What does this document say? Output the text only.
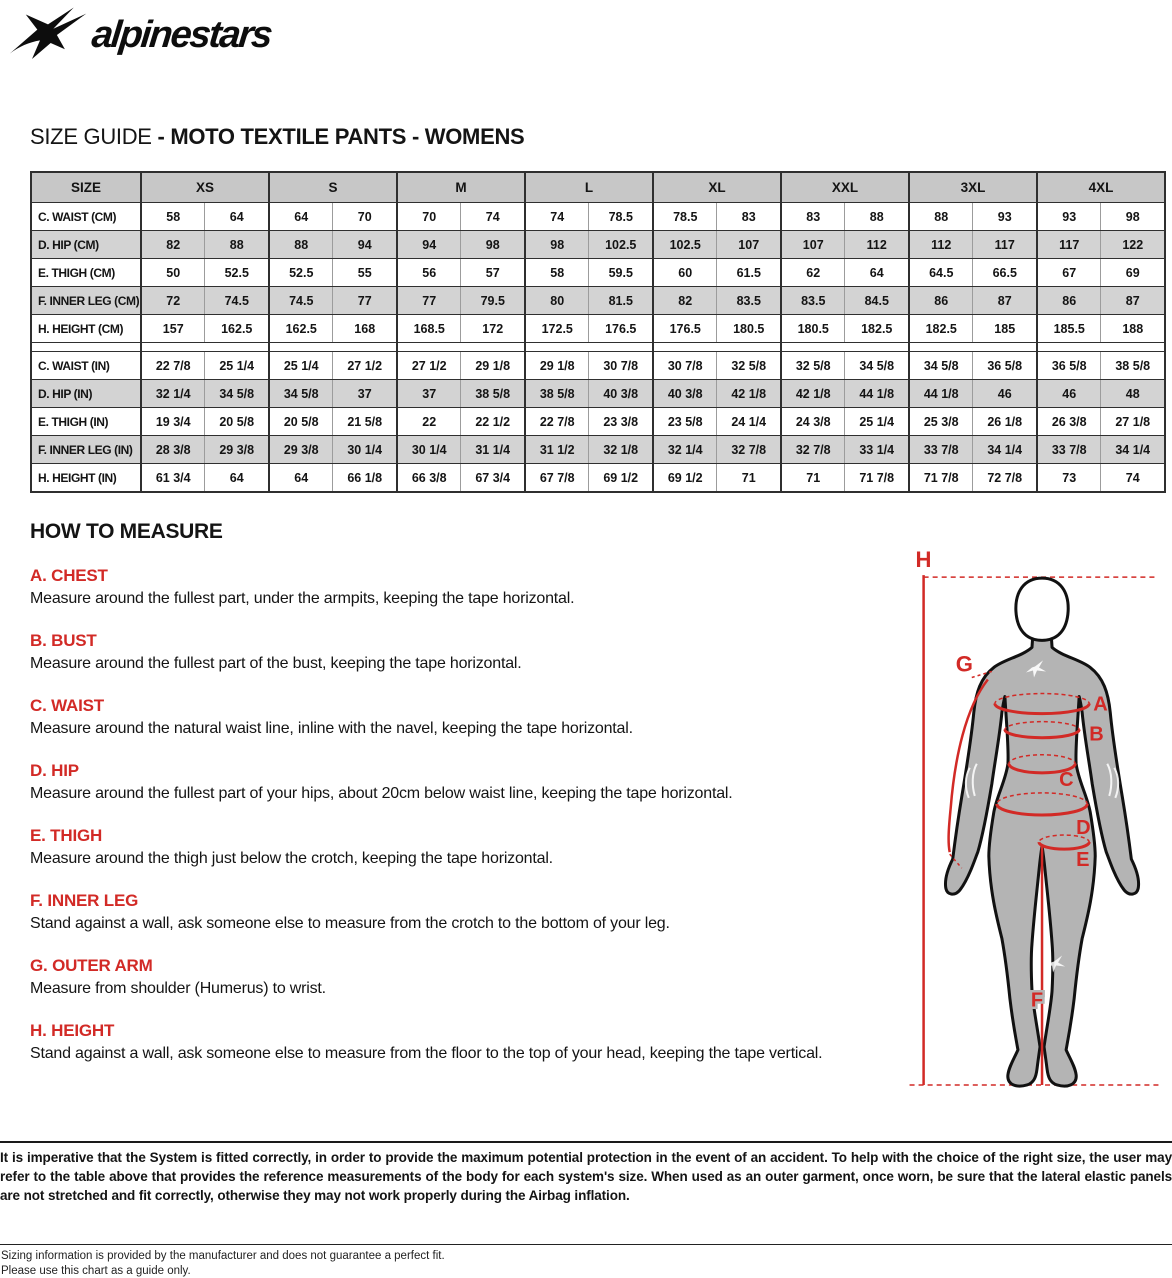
alpinestars
SIZE GUIDE - MOTO TEXTILE PANTS - WOMENS
SIZE	XS		S		M		L		XL		XXL		3XL		4XL	
C. WAIST (CM)	58	64	64	70	70	74	74	78.5	78.5	83	83	88	88	93	93	98
D. HIP (CM)	82	88	88	94	94	98	98	102.5	102.5	107	107	112	112	117	117	122
E. THIGH (CM)	50	52.5	52.5	55	56	57	58	59.5	60	61.5	62	64	64.5	66.5	67	69
F. INNER LEG (CM)	72	74.5	74.5	77	77	79.5	80	81.5	82	83.5	83.5	84.5	86	87	86	87
H. HEIGHT (CM)	157	162.5	162.5	168	168.5	172	172.5	176.5	176.5	180.5	180.5	182.5	182.5	185	185.5	188

C. WAIST (IN)	22 7/8	25 1/4	25 1/4	27 1/2	27 1/2	29 1/8	29 1/8	30 7/8	30 7/8	32 5/8	32 5/8	34 5/8	34 5/8	36 5/8	36 5/8	38 5/8
D. HIP (IN)	32 1/4	34 5/8	34 5/8	37	37	38 5/8	38 5/8	40 3/8	40 3/8	42 1/8	42 1/8	44 1/8	44 1/8	46	46	48
E. THIGH (IN)	19 3/4	20 5/8	20 5/8	21 5/8	22	22 1/2	22 7/8	23 3/8	23 5/8	24 1/4	24 3/8	25 1/4	25 3/8	26 1/8	26 3/8	27 1/8
F. INNER LEG (IN)	28 3/8	29 3/8	29 3/8	30 1/4	30 1/4	31 1/4	31 1/2	32 1/8	32 1/4	32 7/8	32 7/8	33 1/4	33 7/8	34 1/4	33 7/8	34 1/4
H. HEIGHT (IN)	61 3/4	64	64	66 1/8	66 3/8	67 3/4	67 7/8	69 1/2	69 1/2	71	71	71 7/8	71 7/8	72 7/8	73	74
HOW TO MEASURE
A. CHEST

Measure around the fullest part, under the armpits, keeping the tape horizontal.

B. BUST

Measure around the fullest part of the bust, keeping the tape horizontal.

C. WAIST

Measure around the natural waist line, inline with the navel, keeping the tape horizontal.

D. HIP

Measure around the fullest part of your hips, about 20cm below waist line, keeping the tape horizontal.

E. THIGH

Measure around the thigh just below the crotch, keeping the tape horizontal.

F. INNER LEG

Stand against a wall, ask someone else to measure from the crotch to the bottom of your leg.

G. OUTER ARM

Measure from shoulder (Humerus) to wrist.

H. HEIGHT

Stand against a wall, ask someone else to measure from the floor to the top of your head, keeping the tape vertical.

H
G
A
B
C
D
E
F

It is imperative that the System is fitted correctly, in order to provide the maximum potential protection in the event of an accident. To help with the choice of the right size, the user may refer to the table above that provides the reference measurements of the body for each system's size. When used as an outer garment, once worn, be sure that the lateral elastic panels are not stretched and fit correctly, otherwise they may not work properly during the Airbag inflation.

Sizing information is provided by the manufacturer and does not guarantee a perfect fit.

Please use this chart as a guide only.
